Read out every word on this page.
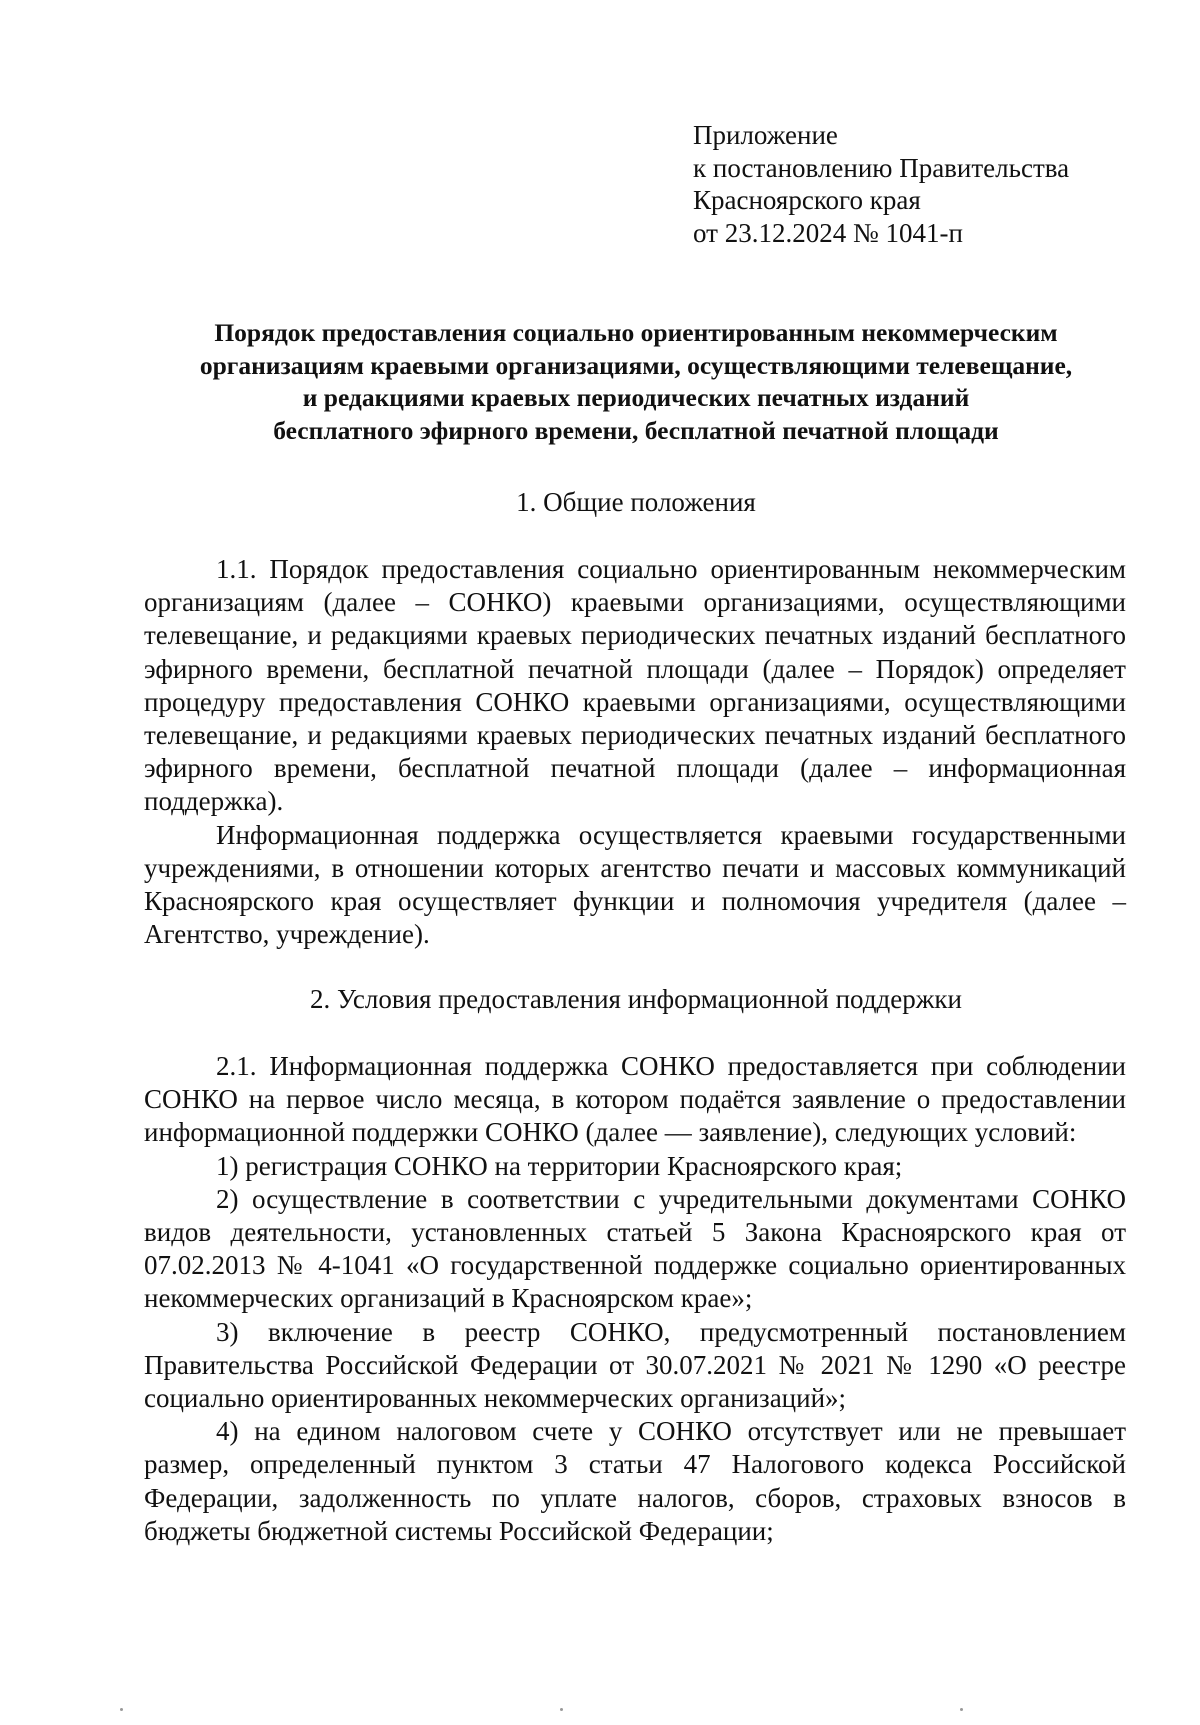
Приложение
к постановлению Правительства
Красноярского края
от 23.12.2024 № 1041-п
Порядок предоставления социально ориентированным некоммерческим
организациям краевыми организациями, осуществляющими телевещание,
и редакциями краевых периодических печатных изданий
бесплатного эфирного времени, бесплатной печатной площади
1. Общие положения

1.1. Порядок предоставления социально ориентированным некоммерческим организациям (далее – СОНКО) краевыми организациями, осуществляющими телевещание, и редакциями краевых периодических печатных изданий бесплатного эфирного времени, бесплатной печатной площади (далее – Порядок) определяет процедуру предоставления СОНКО краевыми организациями, осуществляющими телевещание, и редакциями краевых периодических печатных изданий бесплатного эфирного времени, бесплатной печатной площади (далее – информационная поддержка).

Информационная поддержка осуществляется краевыми государственными учреждениями, в отношении которых агентство печати и массовых коммуникаций Красноярского края осуществляет функции и полномочия учредителя (далее – Агентство, учреждение).

2. Условия предоставления информационной поддержки

2.1. Информационная поддержка СОНКО предоставляется при соблюдении СОНКО на первое число месяца, в котором подаётся заявление о предоставлении информационной поддержки СОНКО (далее — заявление), следующих условий:

1) регистрация СОНКО на территории Красноярского края;

2) осуществление в соответствии с учредительными документами СОНКО видов деятельности, установленных статьей 5 Закона Красноярского края от 07.02.2013 № 4-1041 «О государственной поддержке социально ориентированных некоммерческих организаций в Красноярском крае»;

3) включение в реестр СОНКО, предусмотренный постановлением Правительства Российской Федерации от 30.07.2021 № 2021 № 1290 «О реестре социально ориентированных некоммерческих организаций»;

4) на едином налоговом счете у СОНКО отсутствует или не превышает размер, определенный пунктом 3 статьи 47 Налогового кодекса Российской Федерации, задолженность по уплате налогов, сборов, страховых взносов в бюджеты бюджетной системы Российской Федерации;
